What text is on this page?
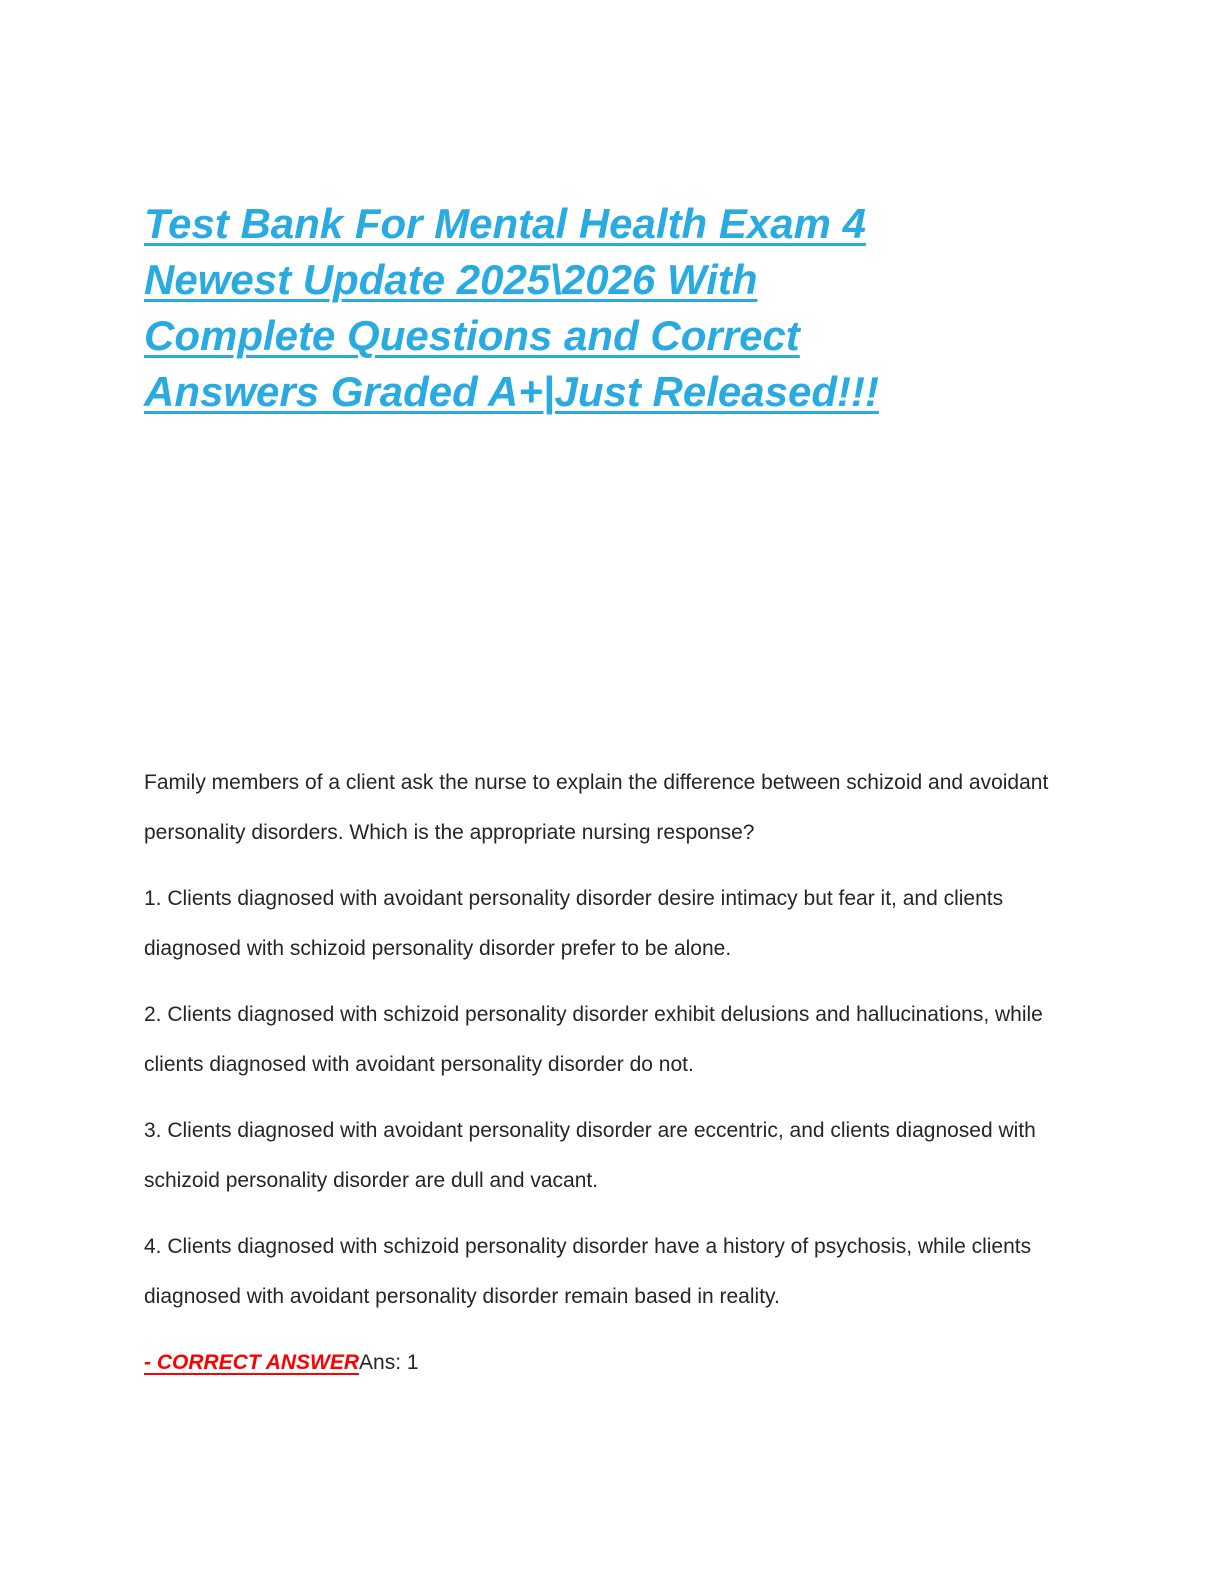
Test Bank For Mental Health Exam 4 Newest Update 2025\2026 With Complete Questions and Correct Answers Graded A+|Just Released!!!

Family members of a client ask the nurse to explain the difference between schizoid and avoidant personality disorders. Which is the appropriate nursing response?

1. Clients diagnosed with avoidant personality disorder desire intimacy but fear it, and clients diagnosed with schizoid personality disorder prefer to be alone.

2. Clients diagnosed with schizoid personality disorder exhibit delusions and hallucinations, while clients diagnosed with avoidant personality disorder do not.

3. Clients diagnosed with avoidant personality disorder are eccentric, and clients diagnosed with schizoid personality disorder are dull and vacant.

4. Clients diagnosed with schizoid personality disorder have a history of psychosis, while clients diagnosed with avoidant personality disorder remain based in reality.

- CORRECT ANSWERAns: 1
